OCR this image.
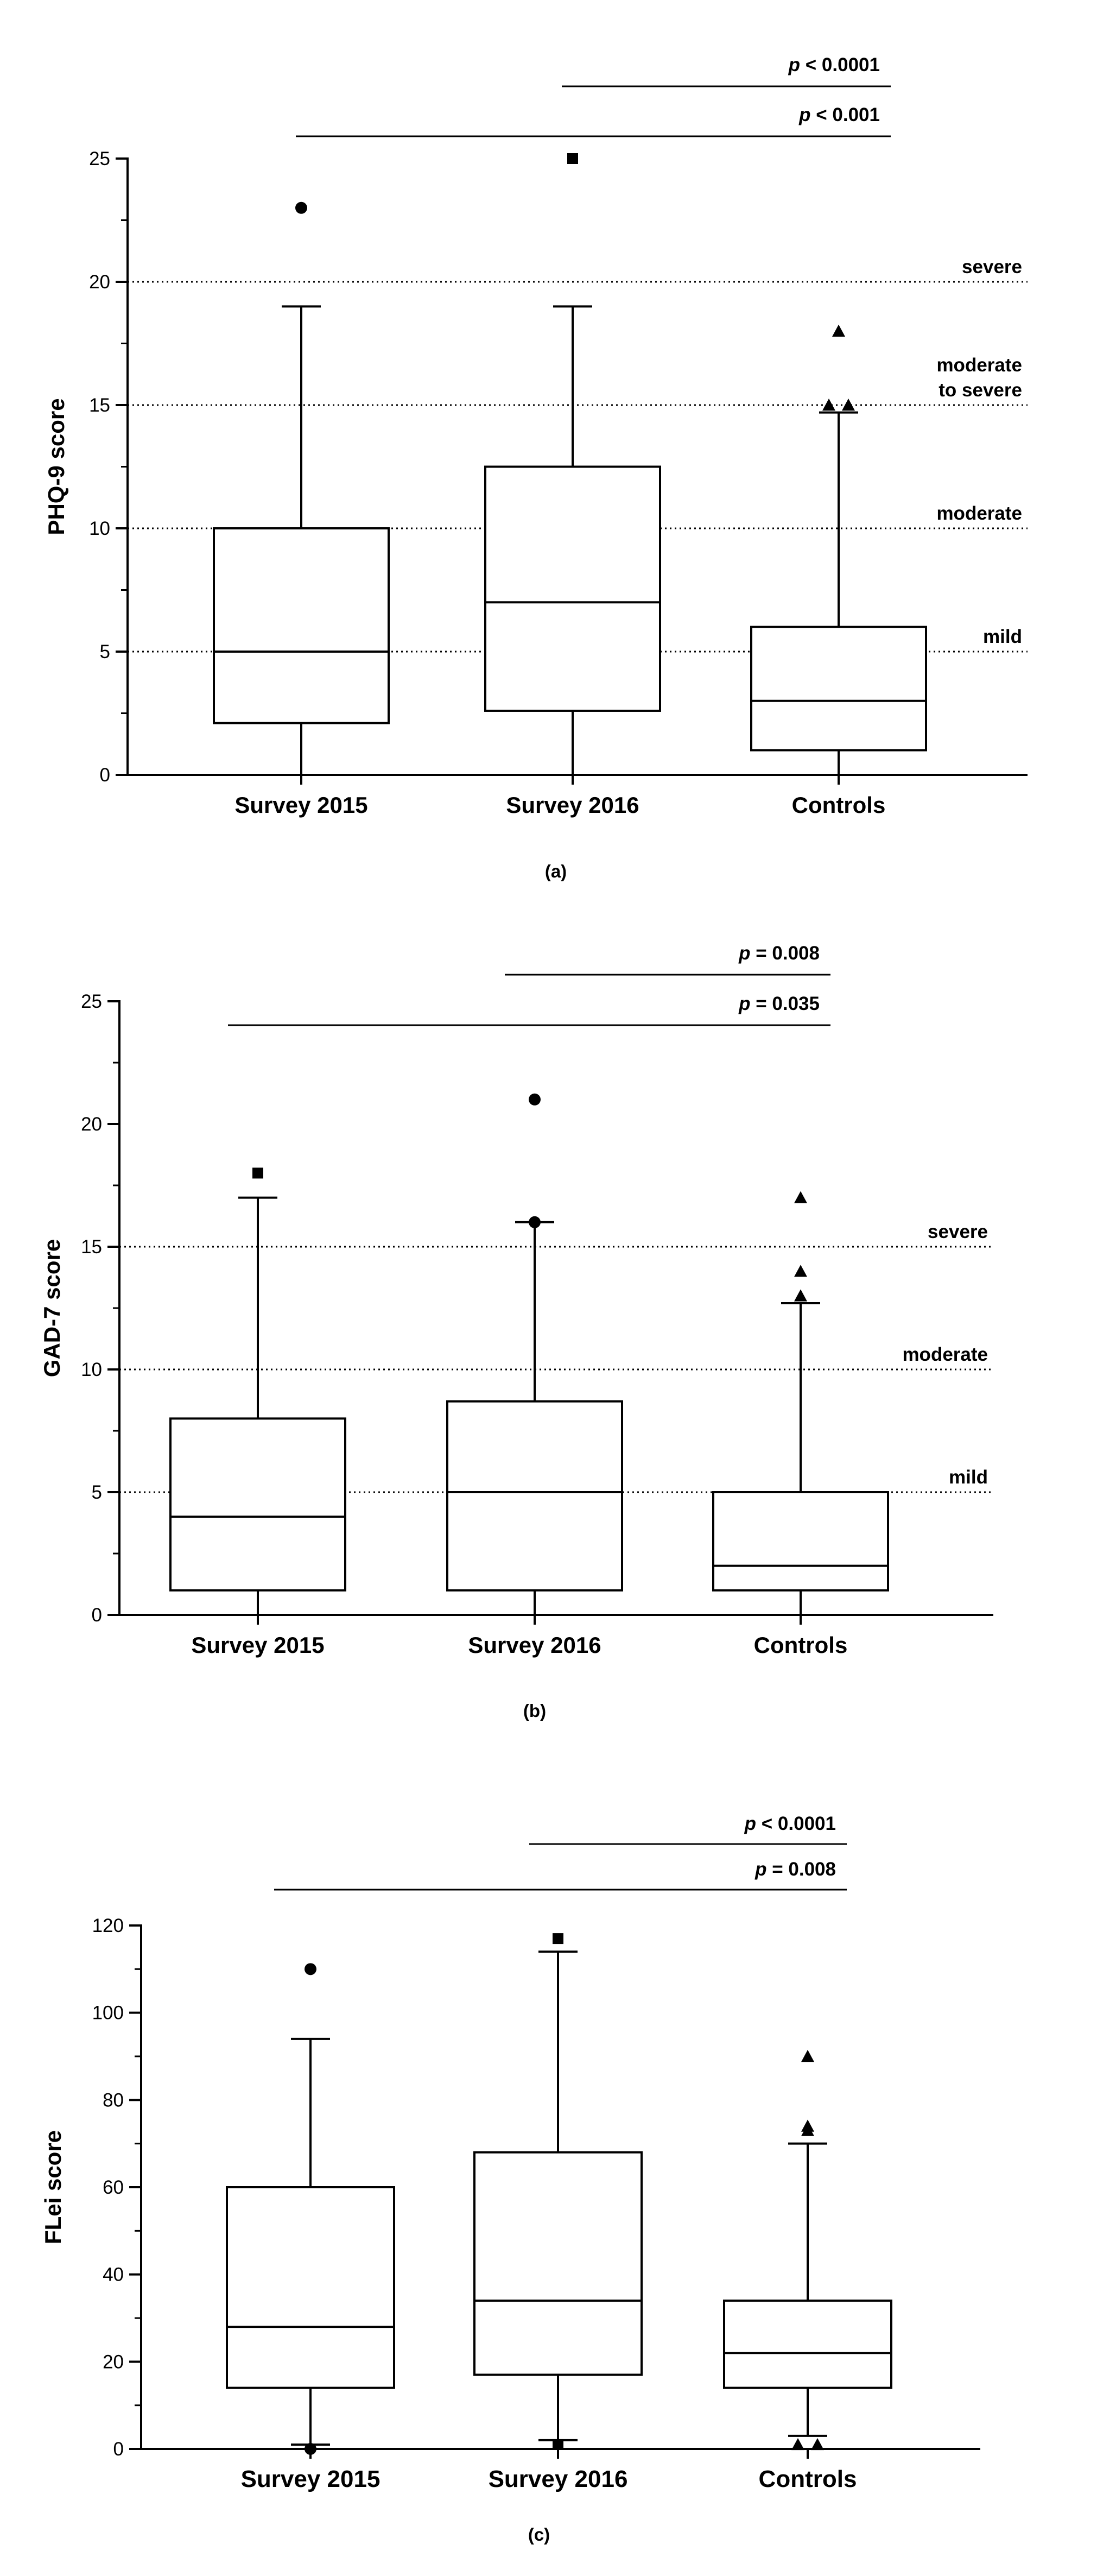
mild
moderate
moderate to severe
severe
0
5
10
15
20
25
PHQ-9 score
Survey 2015	Survey 2016	Controls
p < 0.0001
p < 0.001
(a)
mild
moderate
severe
0
5
10
15
20
25
GAD-7 score
Survey 2015	Survey 2016	Controls
p = 0.008
p = 0.035
(b)
0
20
40
60
80
100
120
FLei score
Survey 2015	Survey 2016	Controls
p < 0.0001
p = 0.008
(c)
